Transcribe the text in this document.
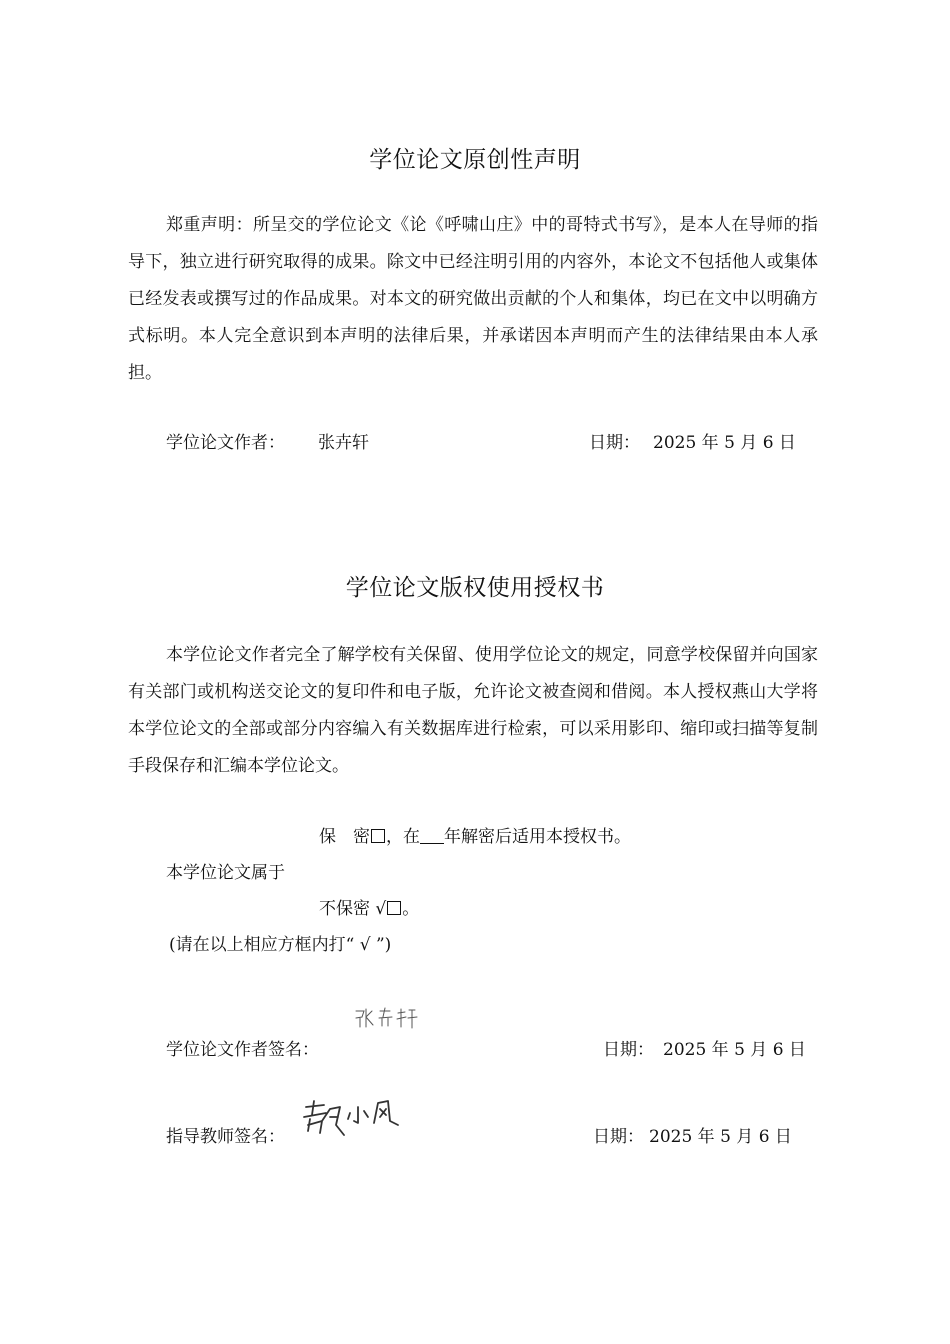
学位论文原创性声明

郑重声明：所呈交的学位论文《论《呼啸山庄》中的哥特式书写》，是本人在导师的指导下，独立进行研究取得的成果。除文中已经注明引用的内容外，本论文不包括他人或集体已经发表或撰写过的作品成果。对本文的研究做出贡献的个人和集体，均已在文中以明确方式标明。本人完全意识到本声明的法律后果，并承诺因本声明而产生的法律结果由本人承担。

学位论文作者： 张卉轩	日期： 2025 年 5 月 6 日
学位论文版权使用授权书

本学位论文作者完全了解学校有关保留、使用学位论文的规定，同意学校保留并向国家有关部门或机构送交论文的复印件和电子版，允许论文被查阅和借阅。本人授权燕山大学将本学位论文的全部或部分内容编入有关数据库进行检索，可以采用影印、缩印或扫描等复制手段保存和汇编本学位论文。

保　密 ，在 年解密后适用本授权书。
本学位论文属于
不保密 √ 。
(请在以上相应方框内打“ √ ”)
学位论文作者签名：	日期： 2025 年 5 月 6 日
指导教师签名：	日期： 2025 年 5 月 6 日
